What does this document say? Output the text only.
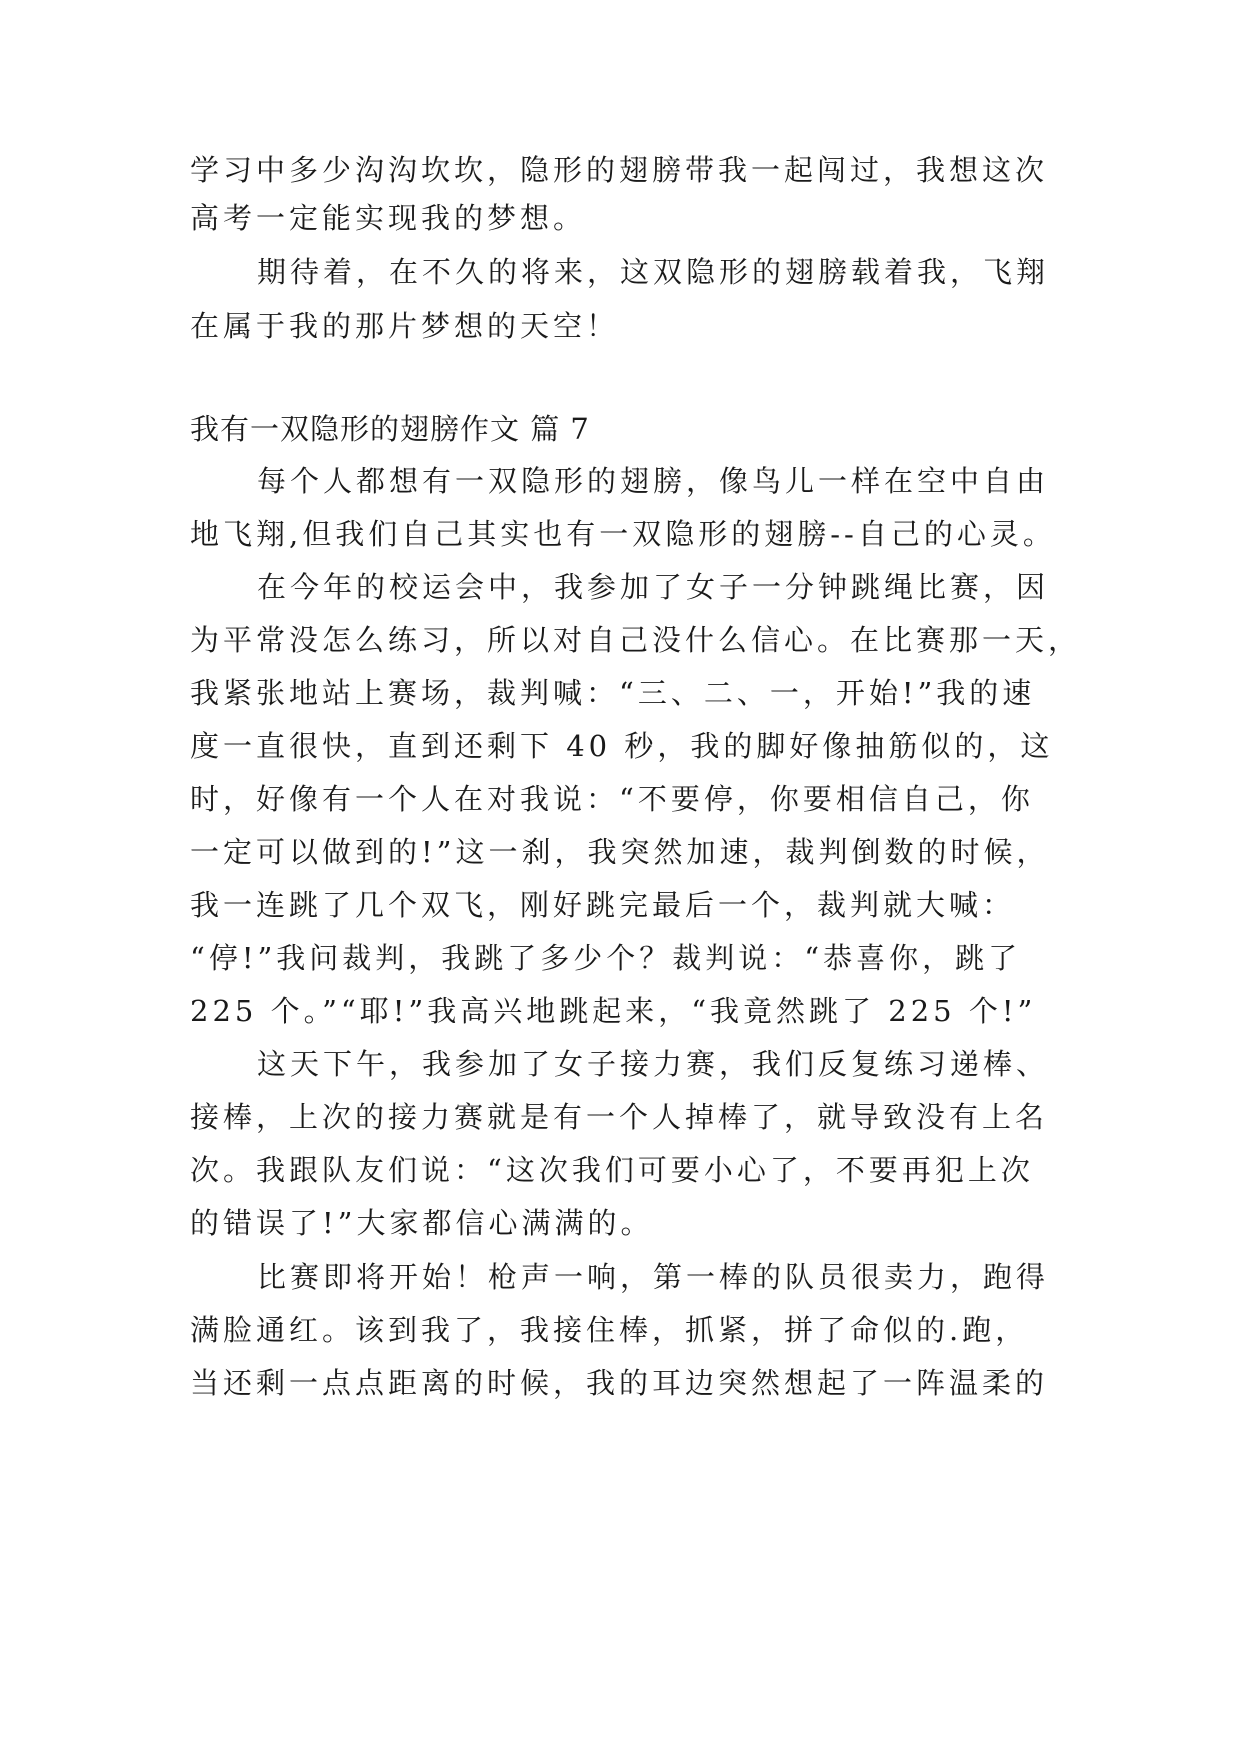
学习中多少沟沟坎坎，隐形的翅膀带我一起闯过，我想这次
高考一定能实现我的梦想。
期待着，在不久的将来，这双隐形的翅膀载着我，飞翔
在属于我的那片梦想的天空！
我有一双隐形的翅膀作文 篇 7
每个人都想有一双隐形的翅膀，像鸟儿一样在空中自由
地飞翔,但我们自己其实也有一双隐形的翅膀--自己的心灵。
在今年的校运会中，我参加了女子一分钟跳绳比赛，因
为平常没怎么练习，所以对自己没什么信心。在比赛那一天，
我紧张地站上赛场，裁判喊：“三、二、一，开始!”我的速
度一直很快，直到还剩下 40 秒，我的脚好像抽筋似的，这
时，好像有一个人在对我说：“不要停，你要相信自己，你
一定可以做到的!”这一刹，我突然加速，裁判倒数的时候，
我一连跳了几个双飞，刚好跳完最后一个，裁判就大喊：
“停!”我问裁判，我跳了多少个？裁判说：“恭喜你，跳了
225 个。”“耶!”我高兴地跳起来，“我竟然跳了 225 个!”
这天下午，我参加了女子接力赛，我们反复练习递棒、
接棒，上次的接力赛就是有一个人掉棒了，就导致没有上名
次。我跟队友们说：“这次我们可要小心了，不要再犯上次
的错误了!”大家都信心满满的。
比赛即将开始！枪声一响，第一棒的队员很卖力，跑得
满脸通红。该到我了，我接住棒，抓紧，拼了命似的.跑，
当还剩一点点距离的时候，我的耳边突然想起了一阵温柔的
